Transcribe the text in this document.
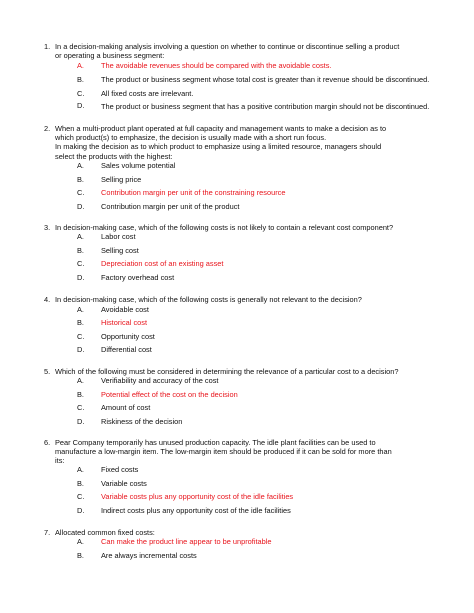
1. In a decision-making analysis involving a question on whether to continue or discontinue selling a product
or operating a business segment:
A. The avoidable revenues should be compared with the avoidable costs.
B. The product or business segment whose total cost is greater than it revenue should be discontinued.
C. All fixed costs are irrelevant.
D. The product or business segment that has a positive contribution margin should not be discontinued.
2. When a multi-product plant operated at full capacity and management wants to make a decision as to
which product(s) to emphasize, the decision is usually made with a short run focus.
In making the decision as to which product to emphasize using a limited resource, managers should
select the products with the highest:
A. Sales volume potential
B. Selling price
C. Contribution margin per unit of the constraining resource
D. Contribution margin per unit of the product
3. In decision-making case, which of the following costs is not likely to contain a relevant cost component?
A. Labor cost
B. Selling cost
C. Depreciation cost of an existing asset
D. Factory overhead cost
4. In decision-making case, which of the following costs is generally not relevant to the decision?
A. Avoidable cost
B. Historical cost
C. Opportunity cost
D. Differential cost
5. Which of the following must be considered in determining the relevance of a particular cost to a decision?
A. Verifiability and accuracy of the cost
B. Potential effect of the cost on the decision
C. Amount of cost
D. Riskiness of the decision
6. Pear Company temporarily has unused production capacity. The idle plant facilities can be used to
manufacture a low-margin item. The low-margin item should be produced if it can be sold for more than
its:
A. Fixed costs
B. Variable costs
C. Variable costs plus any opportunity cost of the idle facilities
D. Indirect costs plus any opportunity cost of the idle facilities
7. Allocated common fixed costs:
A. Can make the product line appear to be unprofitable
B. Are always incremental costs
